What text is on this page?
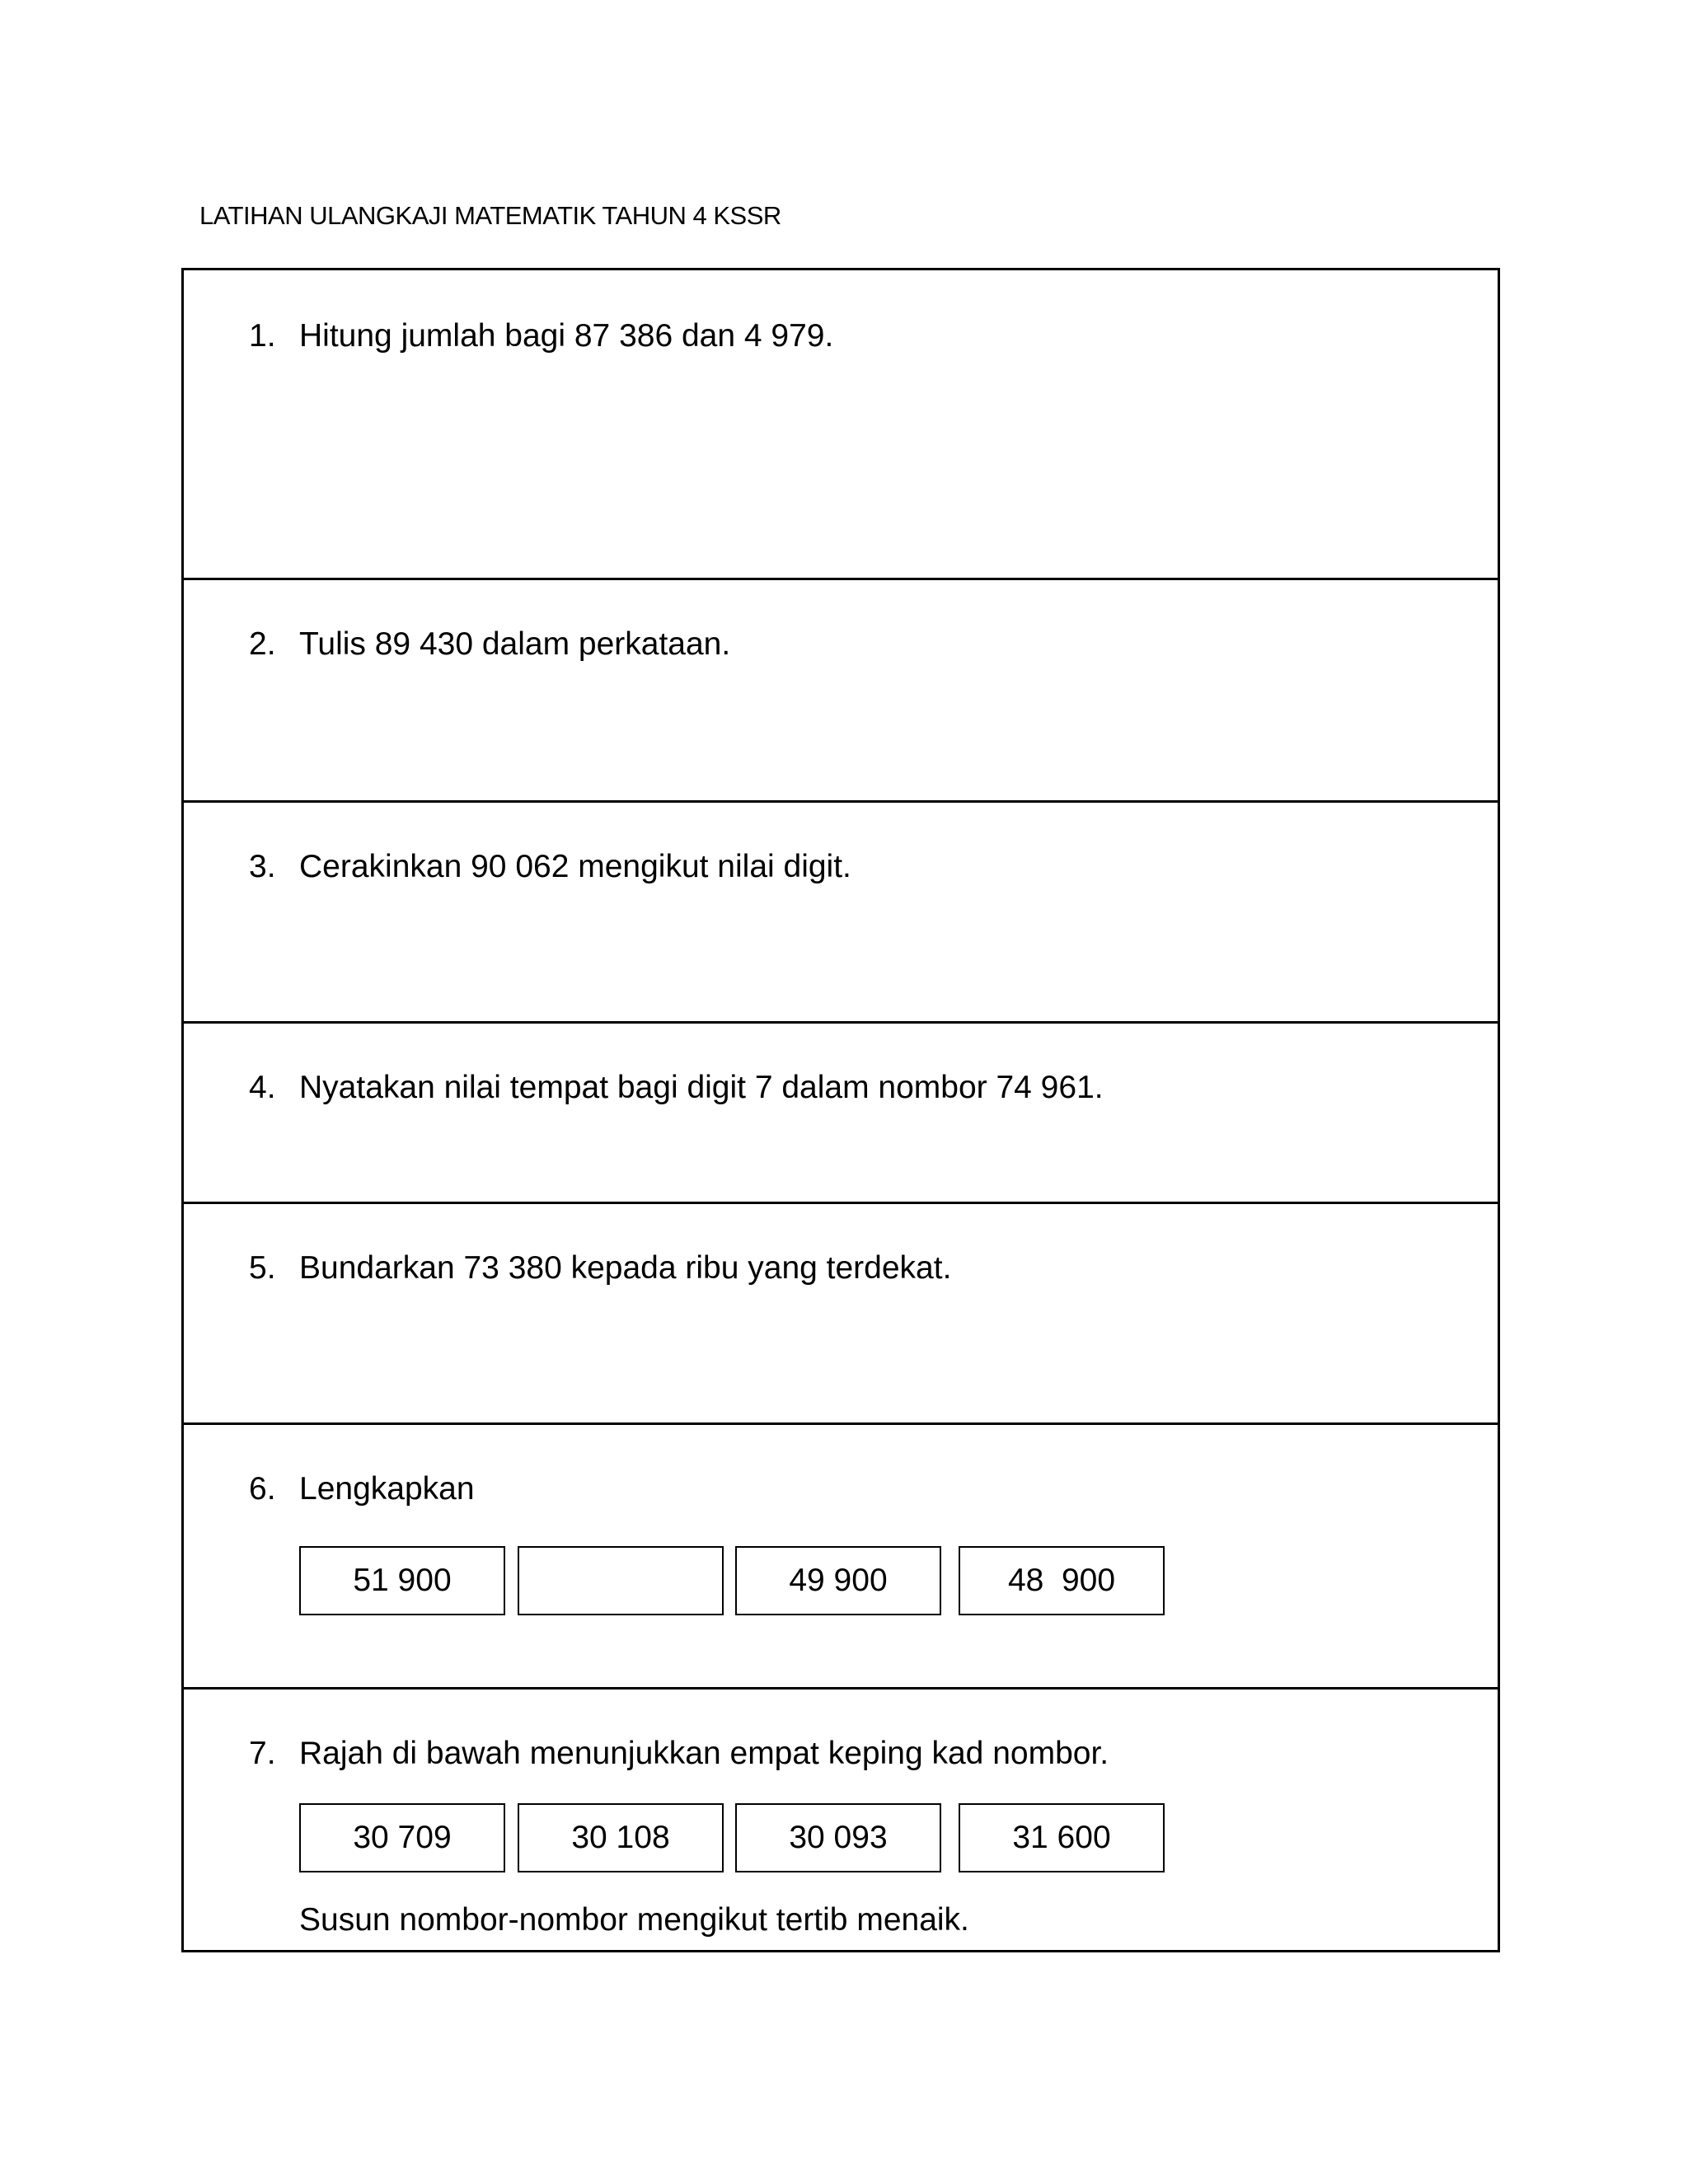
LATIHAN ULANGKAJI MATEMATIK TAHUN 4 KSSR
1. Hitung jumlah bagi 87 386 dan 4 979.
2. Tulis 89 430 dalam perkataan.
3. Cerakinkan 90 062 mengikut nilai digit.
4. Nyatakan nilai tempat bagi digit 7 dalam nombor 74 961.
5. Bundarkan 73 380 kepada ribu yang terdekat.
6. Lengkapkan
51 900	49 900	48  900
7. Rajah di bawah menunjukkan empat keping kad nombor.
30 709	30 108	30 093	31 600
Susun nombor-nombor mengikut tertib menaik.
